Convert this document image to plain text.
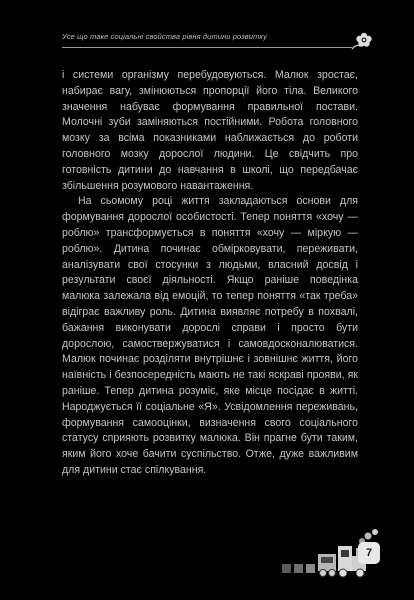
Усе що таке соціальні свойства рівня дитини розвитку

і системи організму перебудовуються. Малюк зростає, набирає вагу, змінюються пропорції його тіла. Великого значення набуває формування правильної постави. Молочні зуби заміняються постійними. Робота головного мозку за всіма показниками наближається до роботи головного мозку дорослої людини. Це свідчить про готовність дитини до навчання в школі, що передбачає збільшення розумового навантаження.

На сьомому році життя закладаються основи для формування дорослої особистості. Тепер поняття «хочу — роблю» трансформується в поняття «хочу — міркую — роблю». Дитина починає обмірковувати, переживати, аналізувати свої стосунки з людьми, власний досвід і результати своєї діяльності. Якщо раніше поведінка малюка залежала від емоцій, то тепер поняття «так треба» відіграє важливу роль. Дитина виявляє потребу в похвалі, бажання виконувати дорослі справи і просто бути дорослою, самоствержуватися і самовдосконалюватися. Малюк починає розділяти внутрішнє і зовнішнє життя, його наївність і безпосередність мають не такі яскраві прояви, як раніше. Тепер дитина розуміє, яке місце посідає в житті. Народжується її соціальне «Я». Усвідомлення переживань, формування самооцінки, визначення свого соціального статусу сприяють розвитку малюка. Він прагне бути таким, яким його хоче бачити суспільство. Отже, дуже важливим для дитини стає спілкування.

7
